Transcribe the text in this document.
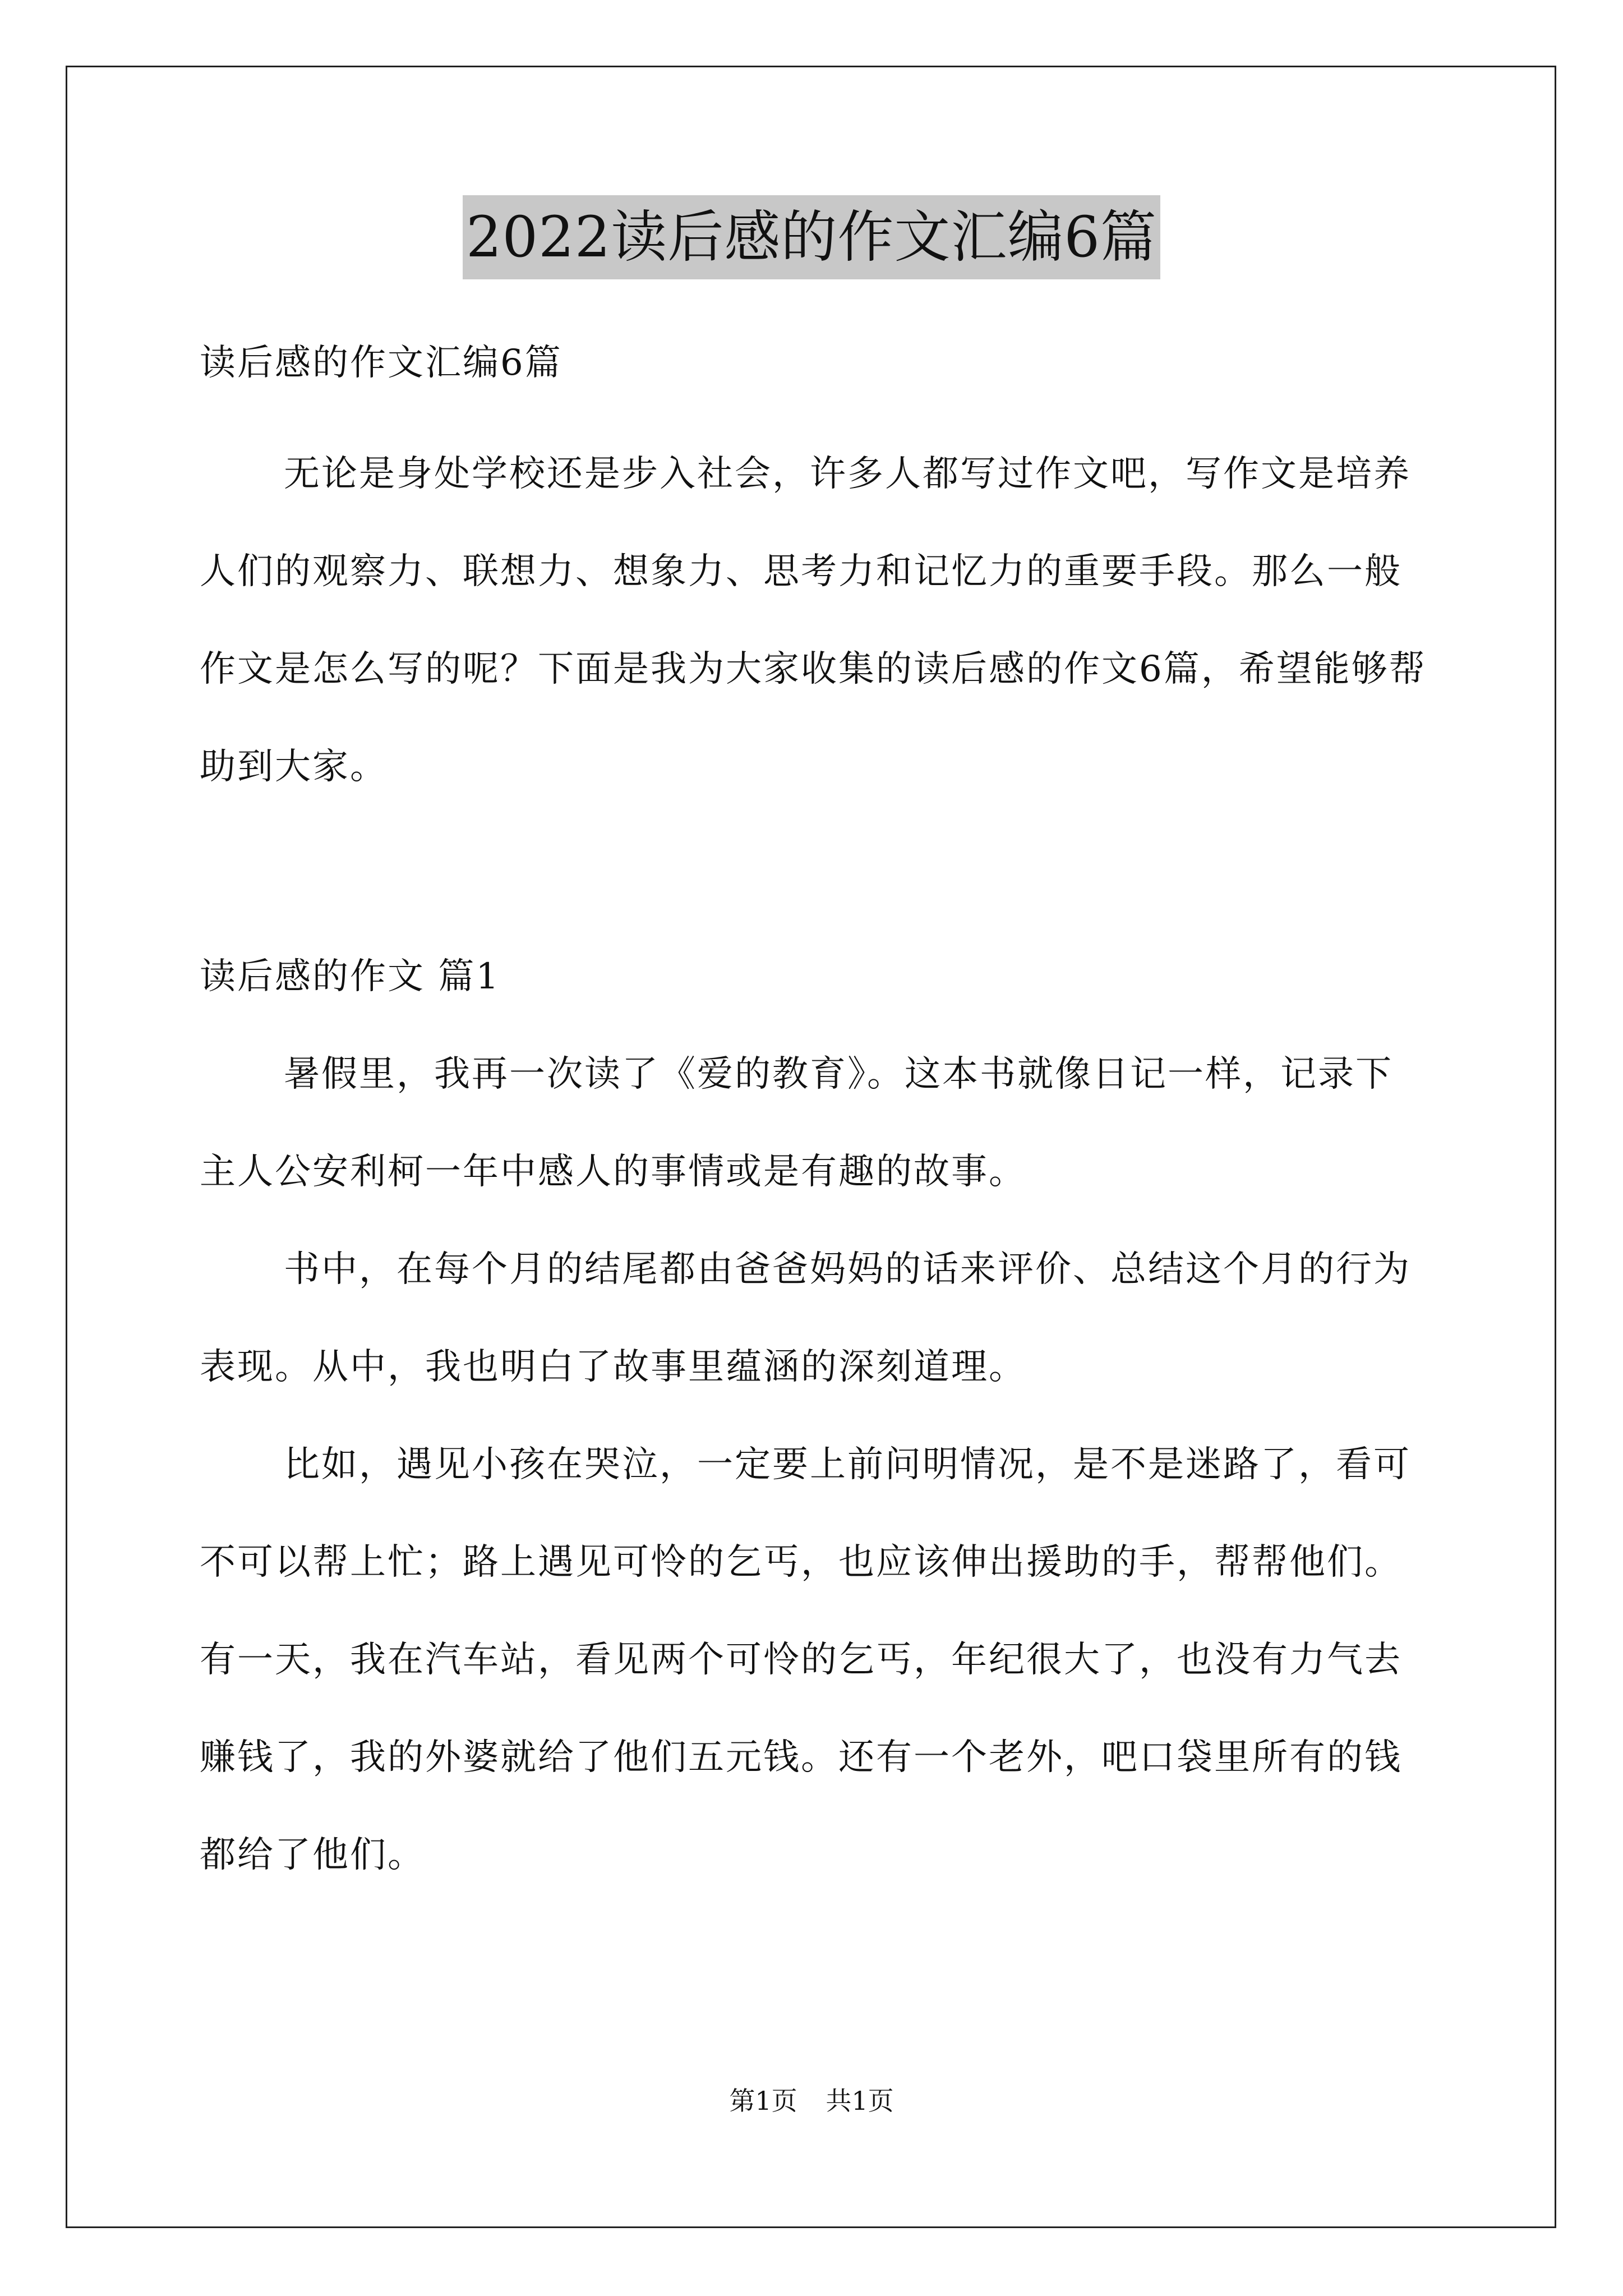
2022读后感的作文汇编6篇

读后感的作文汇编6篇

无论是身处学校还是步入社会，许多人都写过作文吧，写作文是培养人们的观察力、联想力、想象力、思考力和记忆力的重要手段。那么一般作文是怎么写的呢？下面是我为大家收集的读后感的作文6篇，希望能够帮助到大家。

读后感的作文 篇1

暑假里，我再一次读了《爱的教育》。这本书就像日记一样，记录下主人公安利柯一年中感人的事情或是有趣的故事。

书中，在每个月的结尾都由爸爸妈妈的话来评价、总结这个月的行为表现。从中，我也明白了故事里蕴涵的深刻道理。

比如，遇见小孩在哭泣，一定要上前问明情况，是不是迷路了，看可不可以帮上忙；路上遇见可怜的乞丐，也应该伸出援助的手，帮帮他们。有一天，我在汽车站，看见两个可怜的乞丐，年纪很大了，也没有力气去赚钱了，我的外婆就给了他们五元钱。还有一个老外，吧口袋里所有的钱都给了他们。

第1页 共1页
